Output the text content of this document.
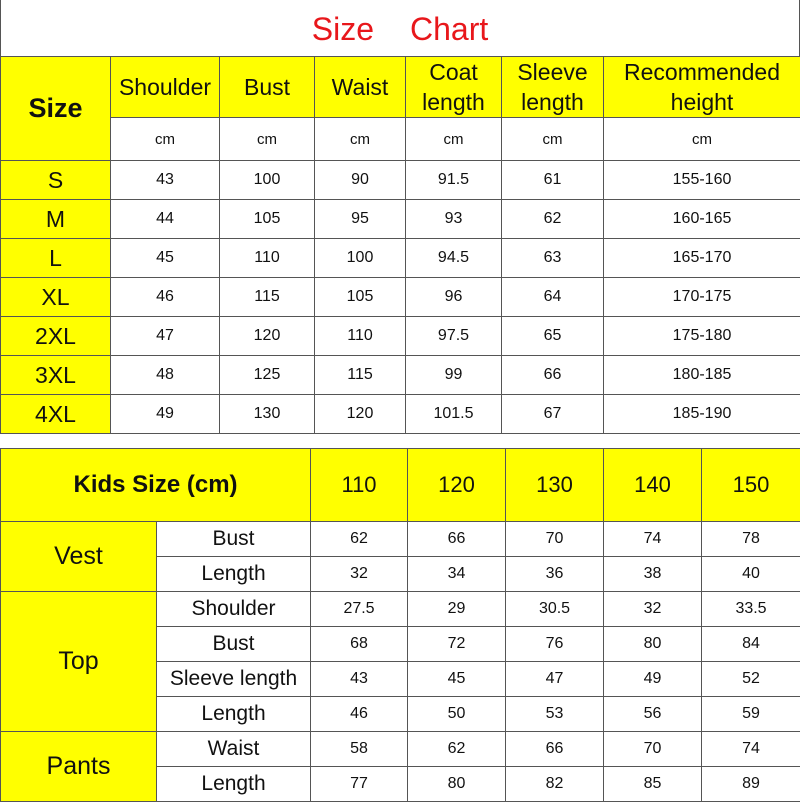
Size Chart
Size	Shoulder	Bust	Waist	Coat length	Sleeve length	Recommended height
	cm	cm	cm	cm	cm	cm
S	43	100	90	91.5	61	155-160
M	44	105	95	93	62	160-165
L	45	110	100	94.5	63	165-170
XL	46	115	105	96	64	170-175
2XL	47	120	110	97.5	65	175-180
3XL	48	125	115	99	66	180-185
4XL	49	130	120	101.5	67	185-190
Kids Size (cm)		110	120	130	140	150
Vest	Bust	62	66	70	74	78
	Length	32	34	36	38	40
Top	Shoulder	27.5	29	30.5	32	33.5
	Bust	68	72	76	80	84
	Sleeve length	43	45	47	49	52
	Length	46	50	53	56	59
Pants	Waist	58	62	66	70	74
	Length	77	80	82	85	89
